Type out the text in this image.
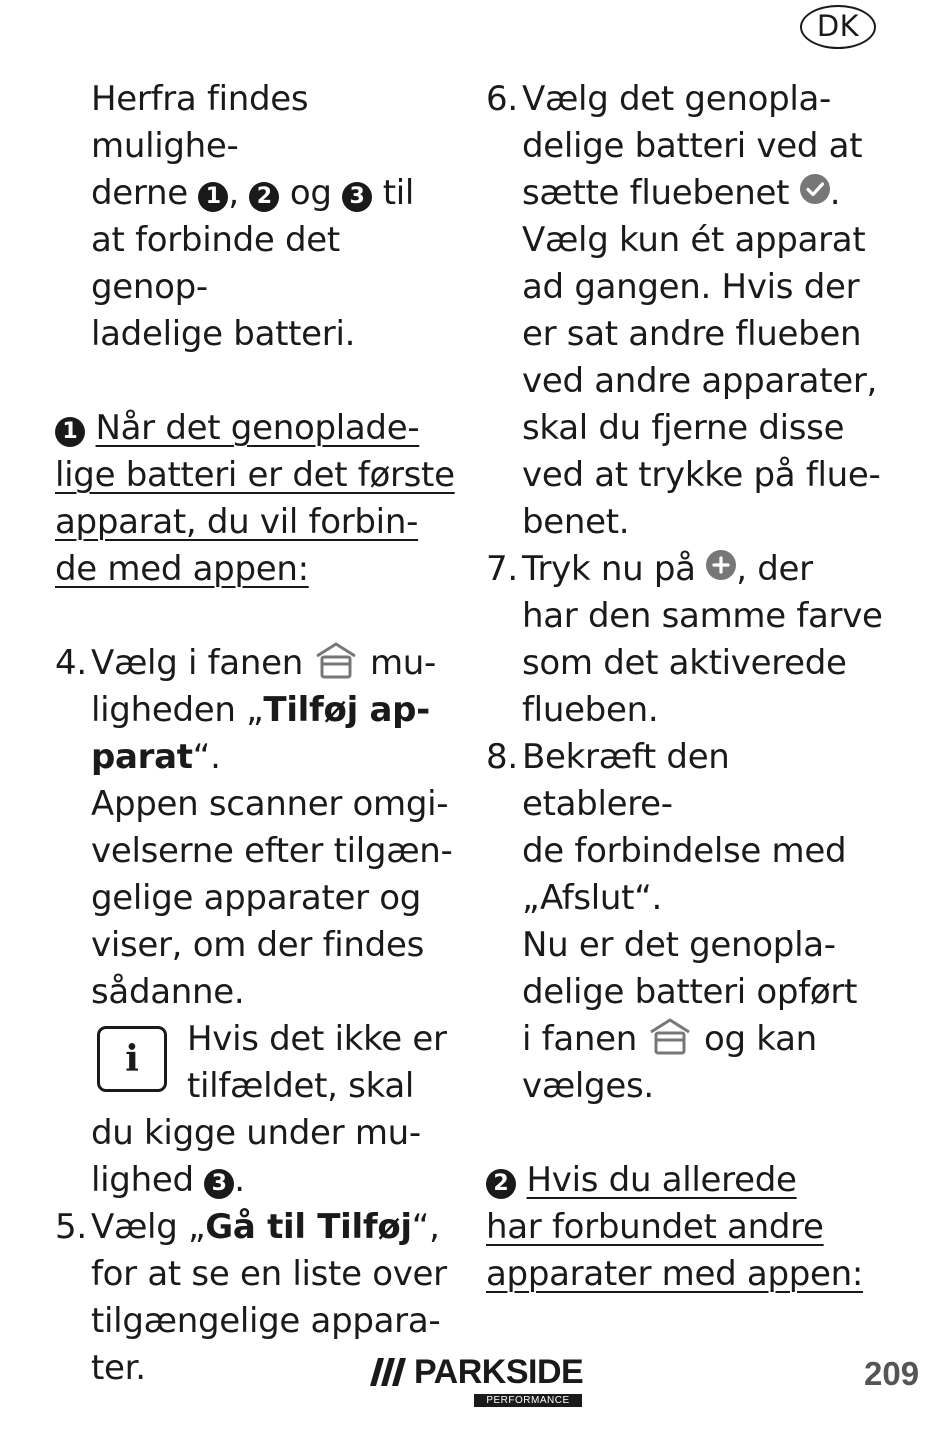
DK

Herfra findes mulighe-

derne 1 , 2 og 3 til

at forbinde det genop-

ladelige batteri.

1 Når det genoplade-

lige batteri er det første

apparat, du vil forbin-

de med appen:

4. Vælg i fanen  mu-

ligheden „Tilføj ap-

parat“.

Appen scanner omgi-

velserne efter tilgæn-

gelige apparater og

viser, om der findes

sådanne.

i	Hvis det ikke er

tilfældet, skal

du kigge under mu-

lighed 3 .

5. Vælg „Gå til Tilføj“,

for at se en liste over

tilgængelige appara-

ter.

6. Vælg det genopla-

delige batteri ved at

sætte fluebenet
.

Vælg kun ét apparat

ad gangen. Hvis der

er sat andre flueben

ved andre apparater,

skal du fjerne disse

ved at trykke på flue-

benet.

7. Tryk nu på
, der

har den samme farve

som det aktiverede

flueben.

8. Bekræft den etablere-

de forbindelse med

„Afslut“.

Nu er det genopla-

delige batteri opført

i fanen  og kan

vælges.

2 Hvis du allerede

har forbundet andre

apparater med appen:

PARKSIDE
PERFORMANCE
209
